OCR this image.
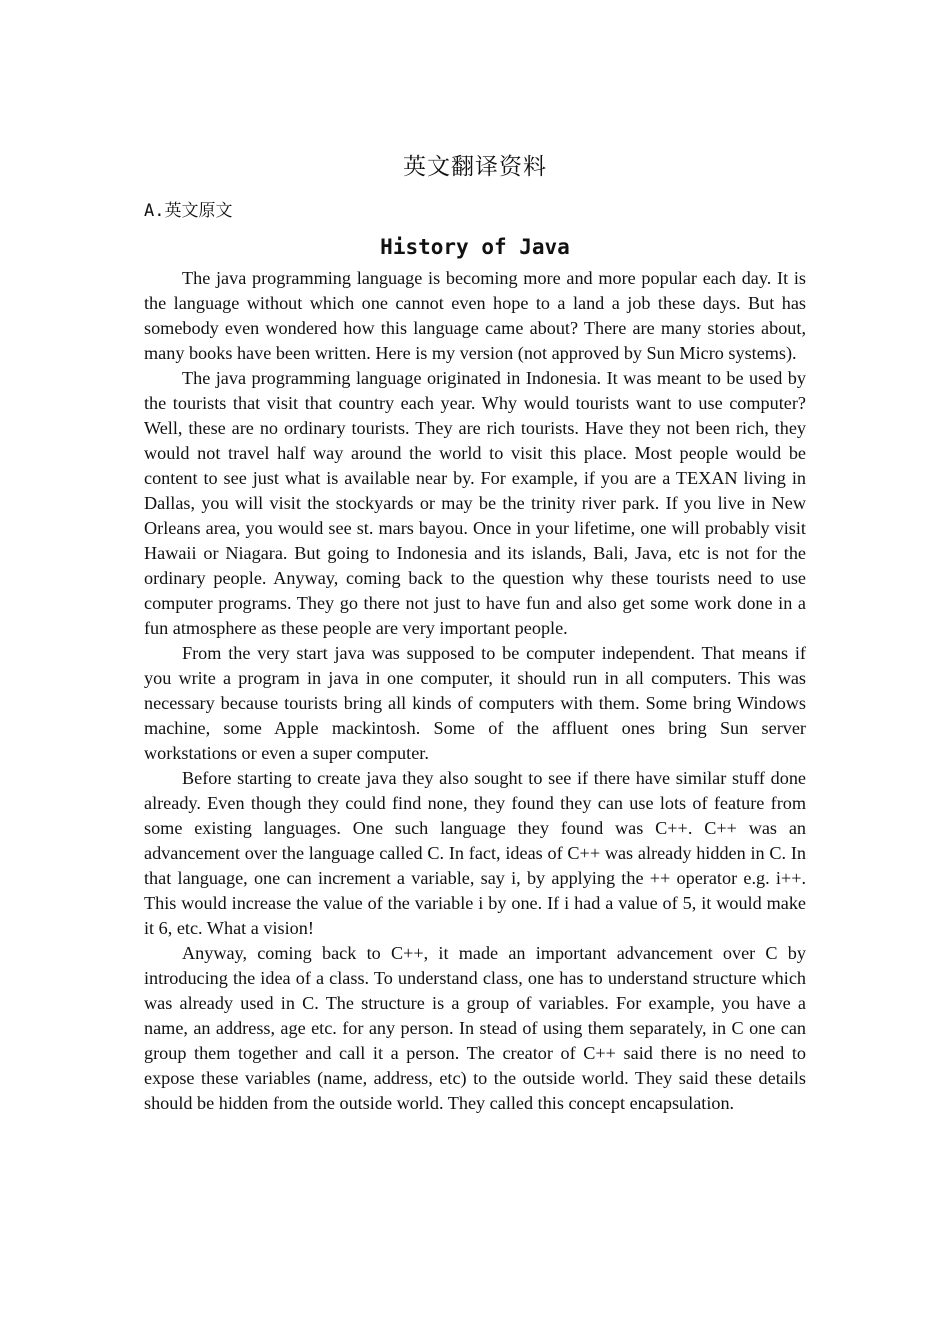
英文翻译资料
A.英文原文
History of Java

The java programming language is becoming more and more popular each day. It is the language without which one cannot even hope to a land a job these days. But has somebody even wondered how this language came about? There are many stories about, many books have been written. Here is my version (not approved by Sun Micro systems).

The java programming language originated in Indonesia. It was meant to be used by the tourists that visit that country each year. Why would tourists want to use computer? Well, these are no ordinary tourists. They are rich tourists. Have they not been rich, they would not travel half way around the world to visit this place. Most people would be content to see just what is available near by. For example, if you are a TEXAN living in Dallas, you will visit the stockyards or may be the trinity river park. If you live in New Orleans area, you would see st. mars bayou. Once in your lifetime, one will probably visit Hawaii or Niagara. But going to Indonesia and its islands, Bali, Java, etc is not for the ordinary people. Anyway, coming back to the question why these tourists need to use computer programs. They go there not just to have fun and also get some work done in a fun atmosphere as these people are very important people.

From the very start java was supposed to be computer independent. That means if you write a program in java in one computer, it should run in all computers. This was necessary because tourists bring all kinds of computers with them. Some bring Windows machine, some Apple mackintosh. Some of the affluent ones bring Sun server workstations or even a super computer.

Before starting to create java they also sought to see if there have similar stuff done already. Even though they could find none, they found they can use lots of feature from some existing languages. One such language they found was C++. C++ was an advancement over the language called C. In fact, ideas of C++ was already hidden in C. In that language, one can increment a variable, say i, by applying the ++ operator e.g. i++. This would increase the value of the variable i by one. If i had a value of 5, it would make it 6, etc. What a vision!

Anyway, coming back to C++, it made an important advancement over C by introducing the idea of a class. To understand class, one has to understand structure which was already used in C. The structure is a group of variables. For example, you have a name, an address, age etc. for any person. In stead of using them separately, in C one can group them together and call it a person. The creator of C++ said there is no need to expose these variables (name, address, etc) to the outside world. They said these details should be hidden from the outside world. They called this concept encapsulation.
